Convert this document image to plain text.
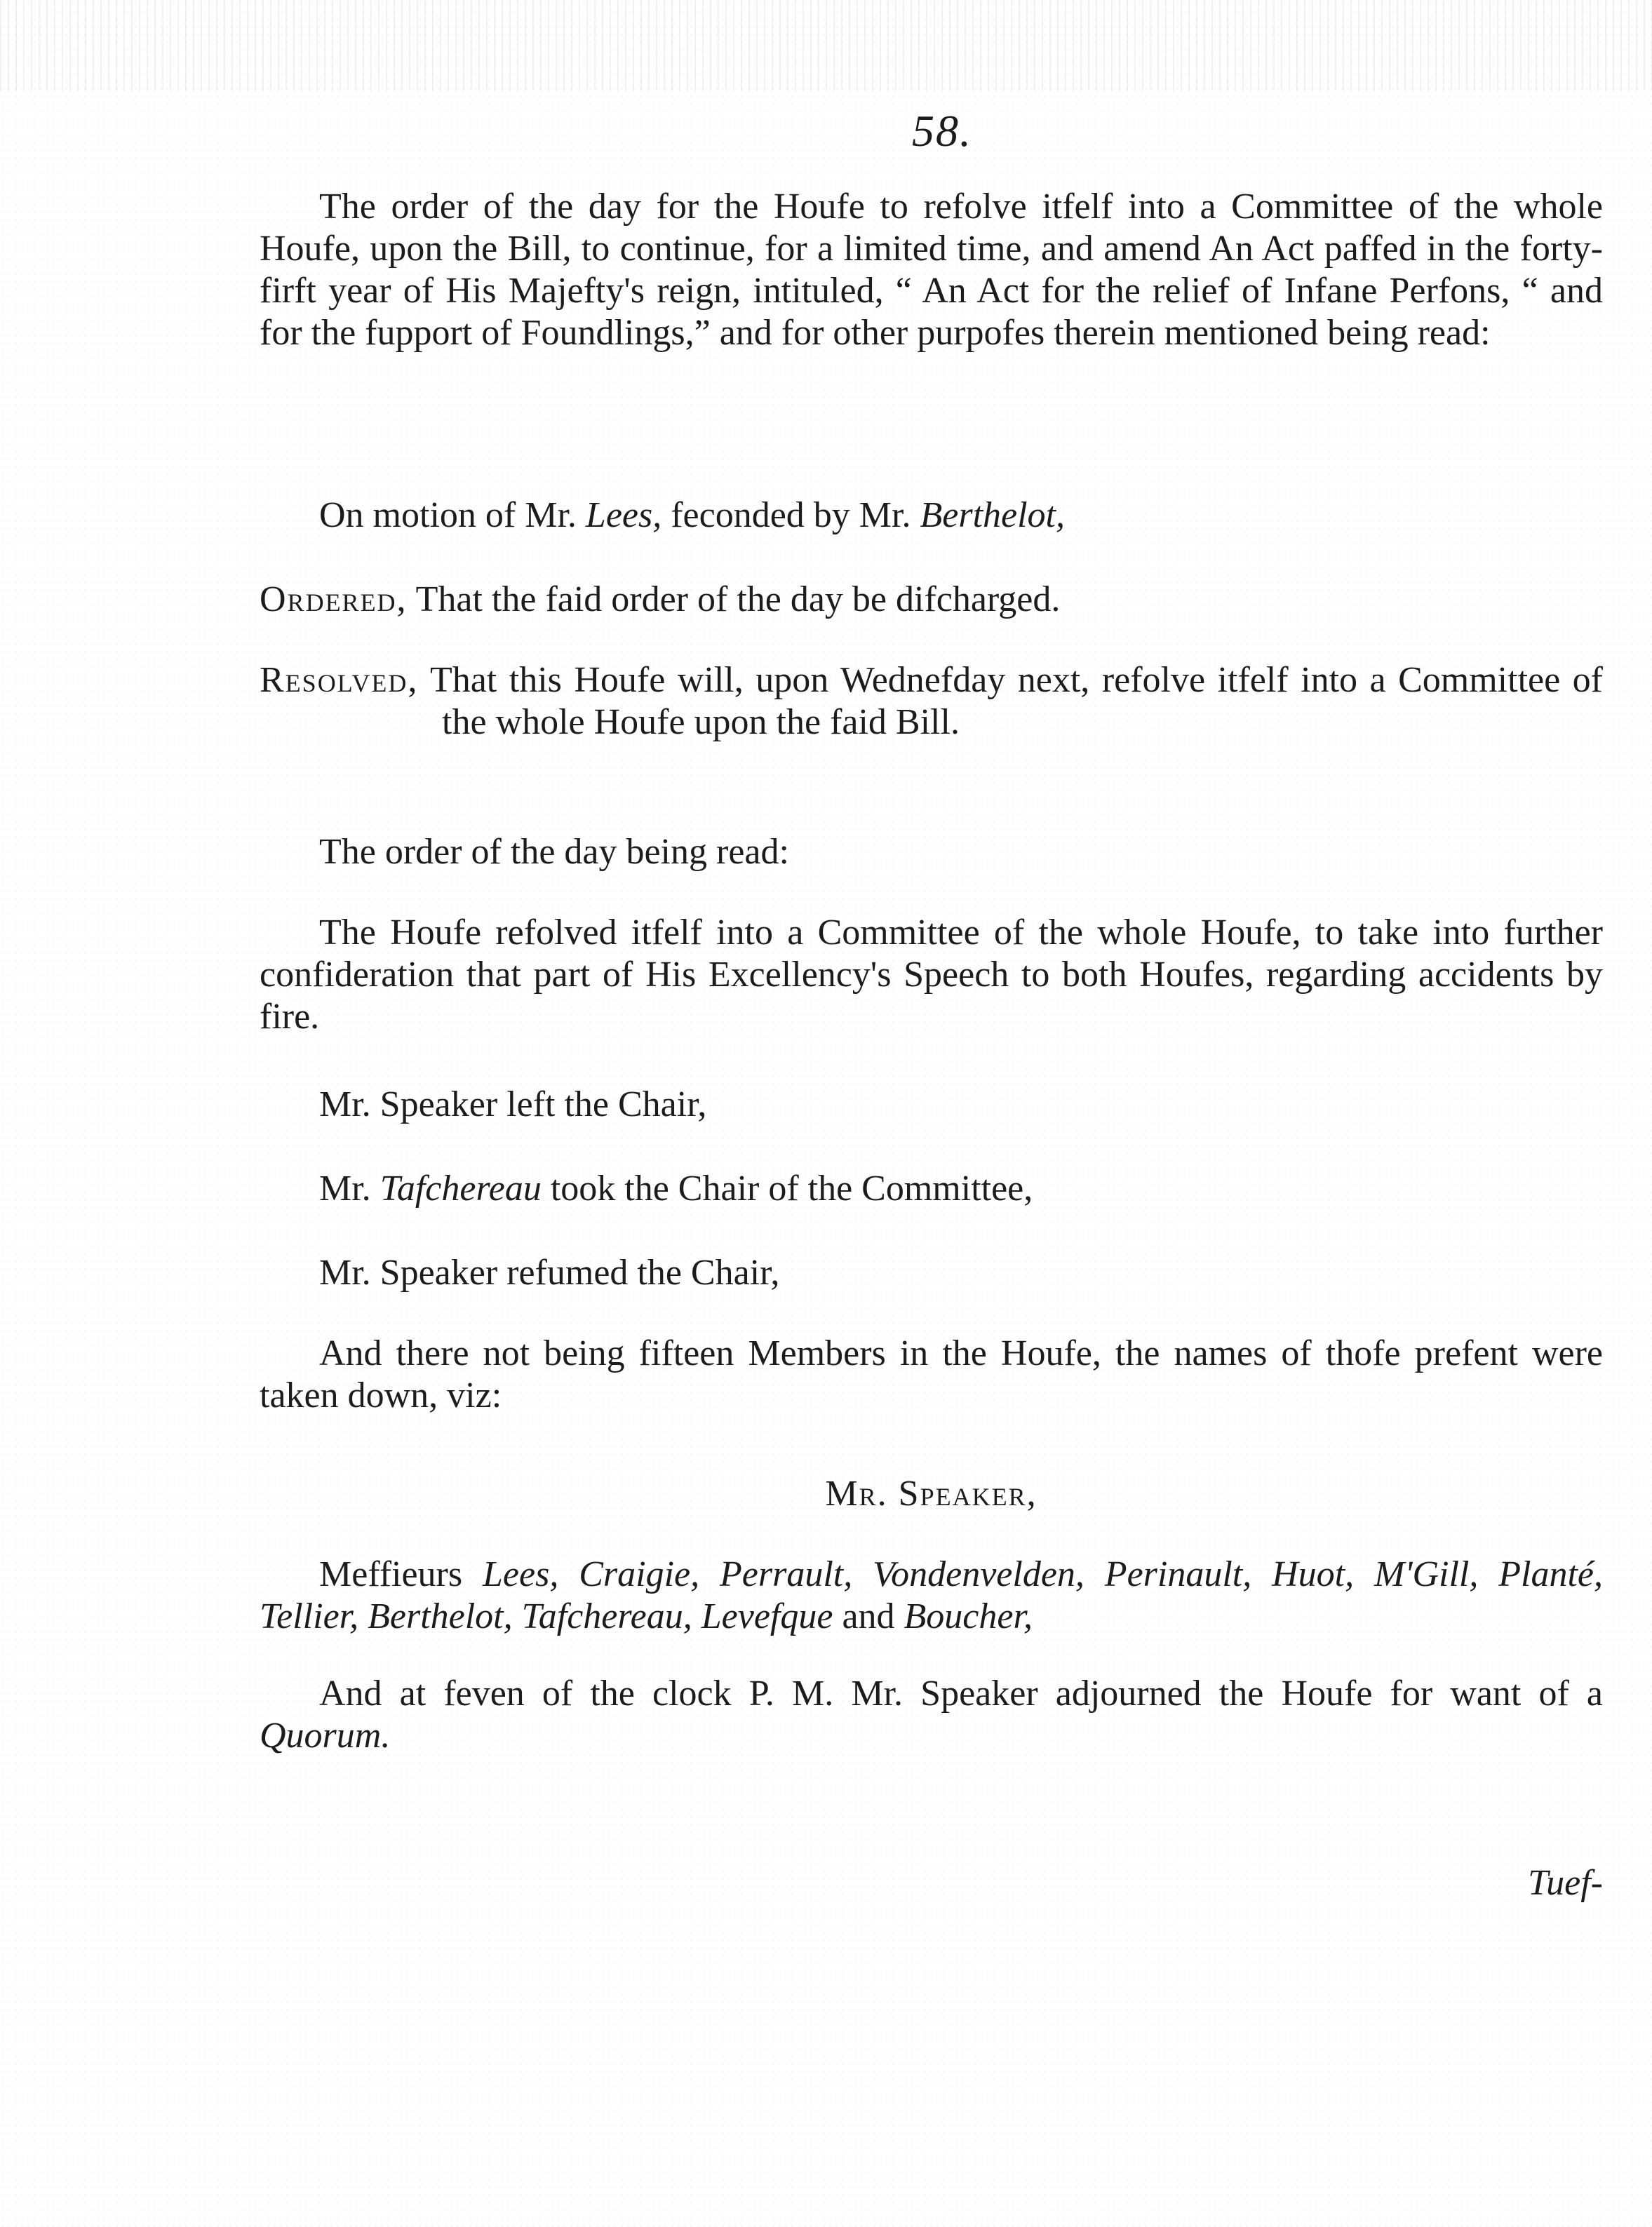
58.

The order of the day for the Houfe to refolve itfelf into a Committee of the whole Houfe, upon the Bill, to continue, for a limited time, and amend An Act paffed in the forty-firft year of His Majefty's reign, intituled, “ An Act for the relief of Infane Perfons, “ and for the fupport of Foundlings,” and for other purpofes therein mentioned being read:

On motion of Mr. Lees, feconded by Mr. Berthelot,

Ordered, That the faid order of the day be difcharged.

Resolved, That this Houfe will, upon Wednefday next, refolve itfelf into a Committee of the whole Houfe upon the faid Bill.

The order of the day being read:

The Houfe refolved itfelf into a Committee of the whole Houfe, to take into further confideration that part of His Excellency's Speech to both Houfes, regarding accidents by fire.

Mr. Speaker left the Chair,

Mr. Tafchereau took the Chair of the Committee,

Mr. Speaker refumed the Chair,

And there not being fifteen Members in the Houfe, the names of thofe prefent were taken down, viz:

Mr. Speaker,

Meffieurs Lees, Craigie, Perrault, Vondenvelden, Perinault, Huot, M'Gill, Planté, Tellier, Berthelot, Tafchereau, Levefque and Boucher,

And at feven of the clock P. M. Mr. Speaker adjourned the Houfe for want of a Quorum.

Tuef-
